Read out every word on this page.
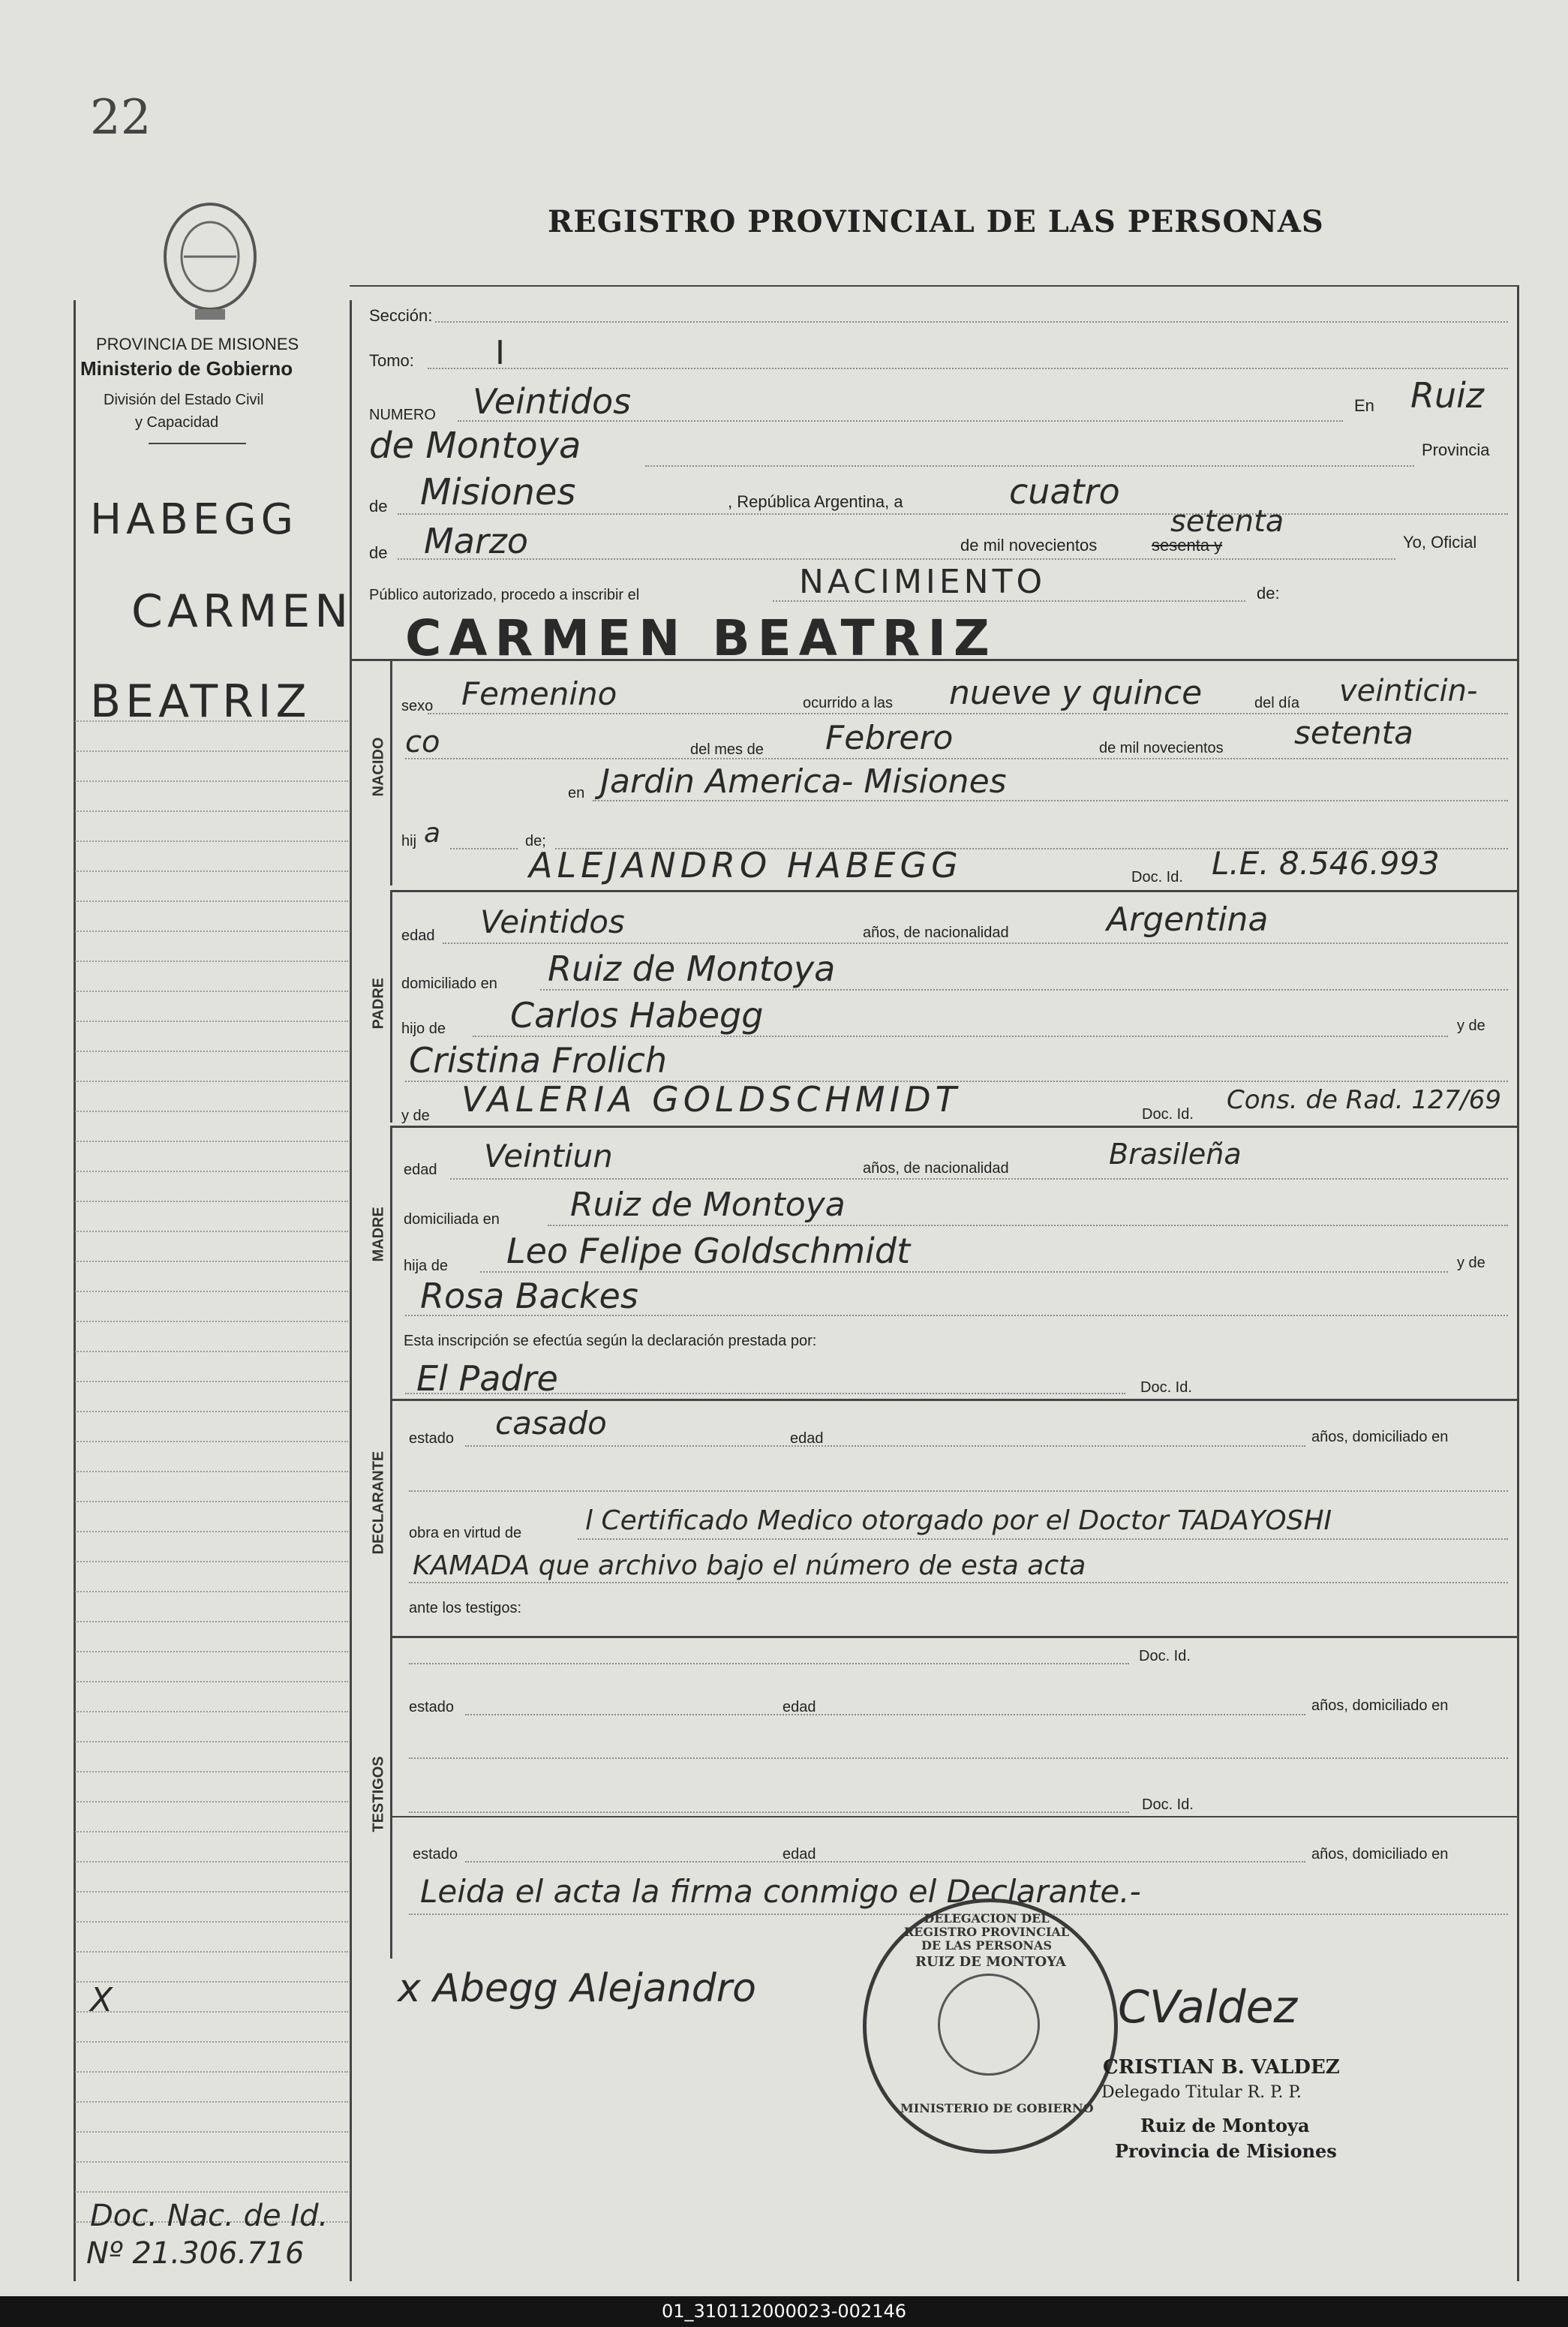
22
REGISTRO PROVINCIAL DE LAS PERSONAS
PROVINCIA DE MISIONES
Ministerio de Gobierno
División del Estado Civil
y Capacidad
HABEGG
CARMEN
BEATRIZ
X
Doc. Nac. de Id.
Nº 21.306.716
Sección:
Tomo: I
NUMERO Veintidos	En Ruiz
de Montoya	Provincia
de Misiones	, República Argentina, a	cuatro
de Marzo	de mil novecientos
setenta
sesenta y	Yo, Oficial
Público autorizado, procedo a inscribir el	NACIMIENTO	de:
CARMEN BEATRIZ
NACIDO
sexo Femenino	ocurrido a las nueve y quince	del día veinticin-
co	del mes de Febrero	de mil novecientos setenta
en Jardin America- Misiones
hij a	de;
ALEJANDRO HABEGG	Doc. Id. L.E. 8.546.993
PADRE
edad Veintidos	años, de nacionalidad	Argentina
domiciliado en Ruiz de Montoya
hijo de Carlos Habegg	y de
Cristina Frolich
y de VALERIA GOLDSCHMIDT	Doc. Id. Cons. de Rad. 127/69
MADRE
edad Veintiun	años, de nacionalidad	Brasileña
domiciliada en Ruiz de Montoya
hija de Leo Felipe Goldschmidt	y de
Rosa Backes
Esta inscripción se efectúa según la declaración prestada por:
El Padre	Doc. Id.
DECLARANTE
estado casado	edad	años, domiciliado en
obra en virtud de l Certificado Medico otorgado por el Doctor TADAYOSHI
KAMADA que archivo bajo el número de esta acta
ante los testigos:
TESTIGOS
Doc. Id.
estado	edad	años, domiciliado en
Doc. Id.
estado	edad	años, domiciliado en
Leida el acta la firma conmigo el Declarante.-
x Abegg Alejandro
DELEGACION DEL REGISTRO PROVINCIAL DE LAS PERSONAS
RUIZ DE MONTOYA
MINISTERIO DE GOBIERNO
CValdez
CRISTIAN B. VALDEZ
Delegado Titular R. P. P.
Ruiz de Montoya
Provincia de Misiones
01_310112000023-002146
